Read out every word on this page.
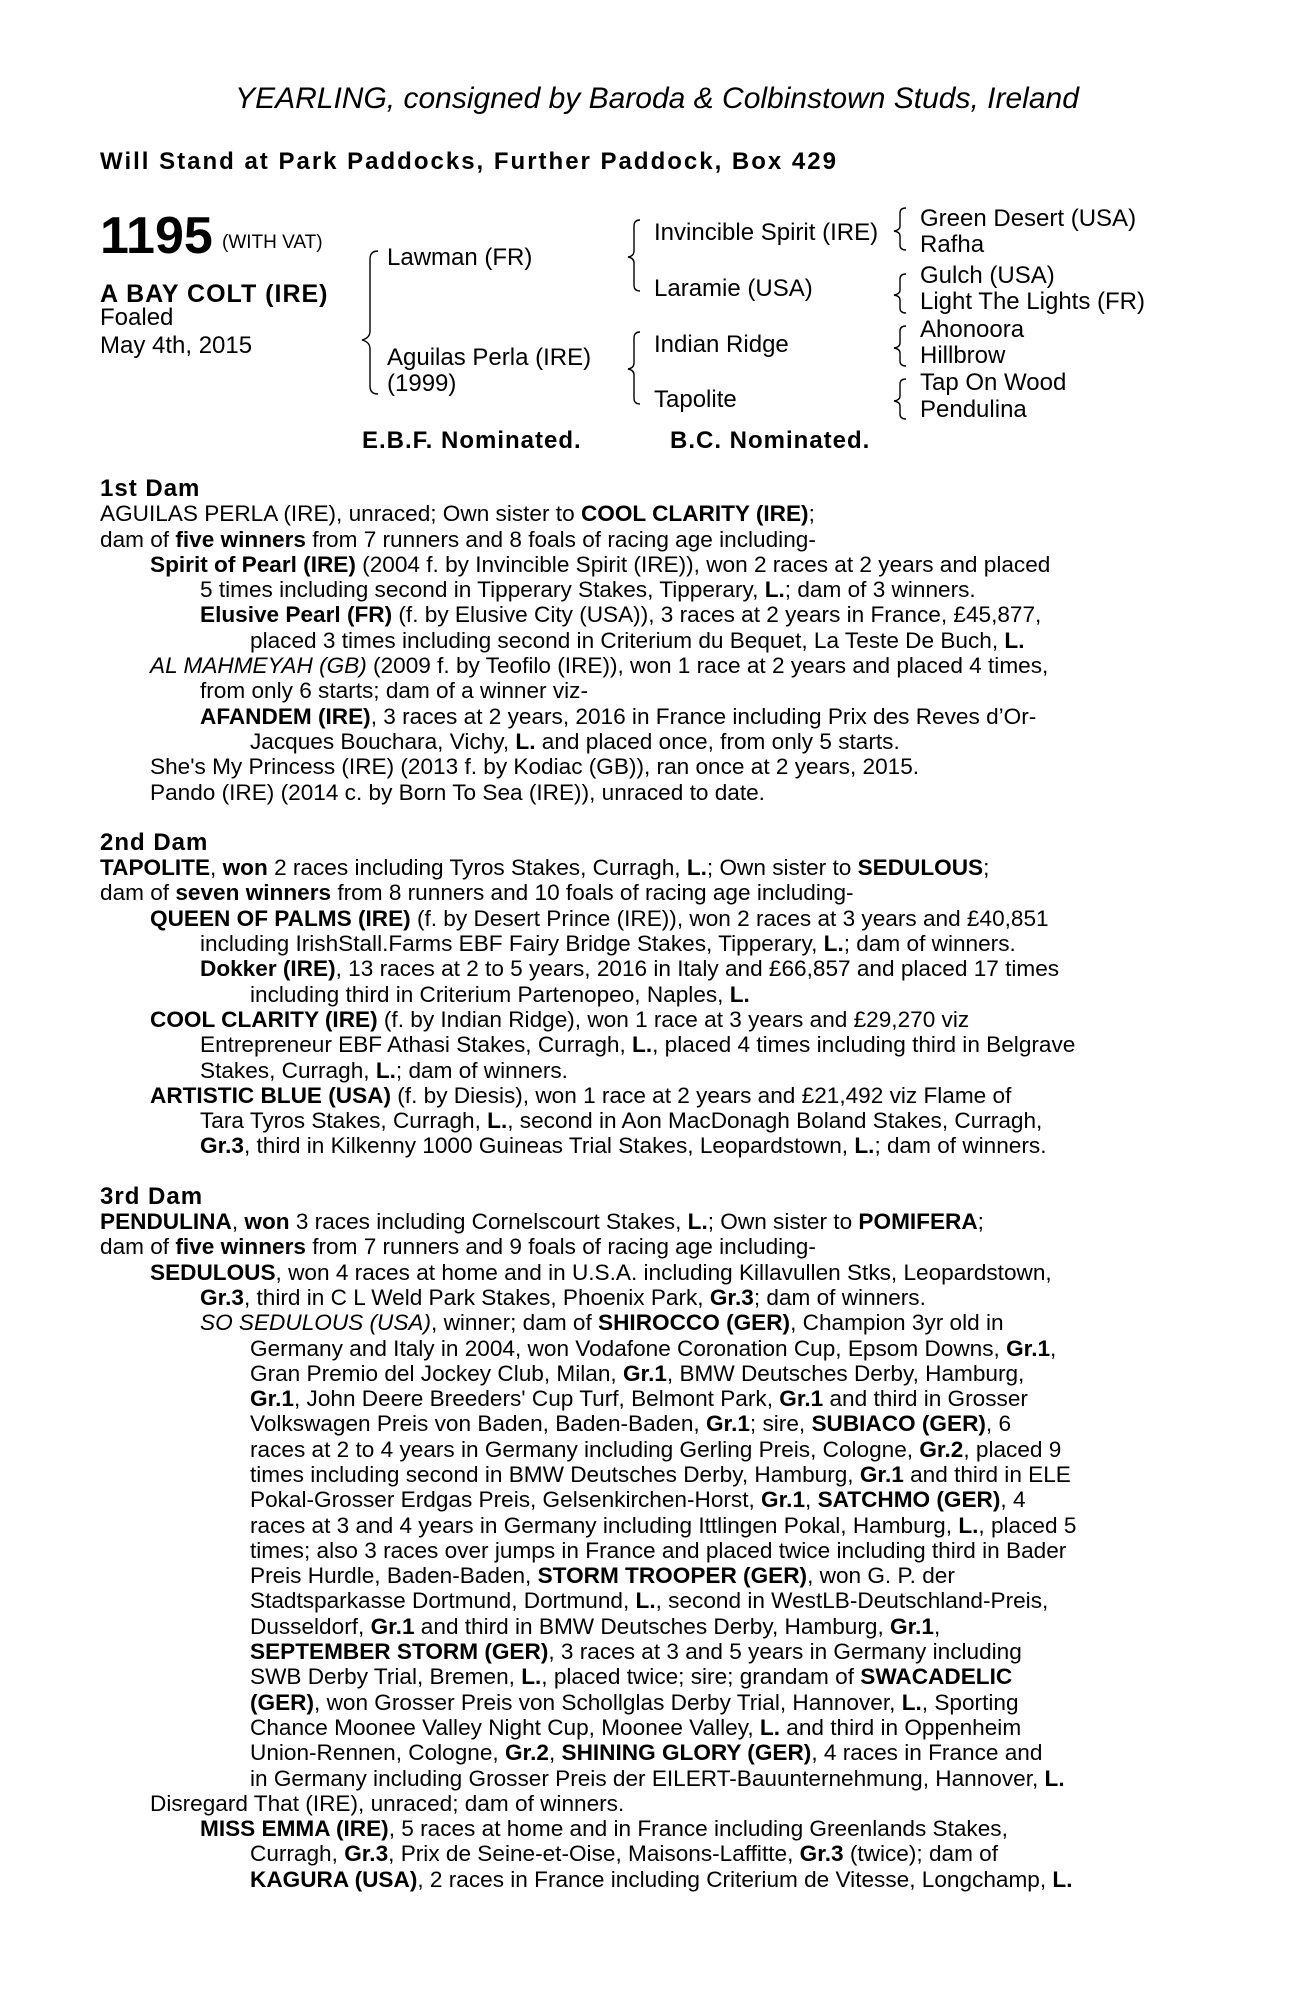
YEARLING, consigned by Baroda & Colbinstown Studs, Ireland
Will Stand at Park Paddocks, Further Paddock, Box 429
1195 (WITH VAT)
A BAY COLT (IRE)
Foaled
May 4th, 2015
Lawman (FR)
Aguilas Perla (IRE)
(1999)
Invincible Spirit (IRE)
Laramie (USA)
Indian Ridge
Tapolite
Green Desert (USA)
Rafha
Gulch (USA)
Light The Lights (FR)
Ahonoora
Hillbrow
Tap On Wood
Pendulina
E.B.F. Nominated.	B.C. Nominated.
1st Dam
AGUILAS PERLA (IRE), unraced; Own sister to COOL CLARITY (IRE);
dam of five winners from 7 runners and 8 foals of racing age including-
Spirit of Pearl (IRE) (2004 f. by Invincible Spirit (IRE)), won 2 races at 2 years and placed
5 times including second in Tipperary Stakes, Tipperary, L.; dam of 3 winners.
Elusive Pearl (FR) (f. by Elusive City (USA)), 3 races at 2 years in France, £45,877,
placed 3 times including second in Criterium du Bequet, La Teste De Buch, L.
AL MAHMEYAH (GB) (2009 f. by Teofilo (IRE)), won 1 race at 2 years and placed 4 times,
from only 6 starts; dam of a winner viz-
AFANDEM (IRE), 3 races at 2 years, 2016 in France including Prix des Reves d’Or-
Jacques Bouchara, Vichy, L. and placed once, from only 5 starts.
She's My Princess (IRE) (2013 f. by Kodiac (GB)), ran once at 2 years, 2015.
Pando (IRE) (2014 c. by Born To Sea (IRE)), unraced to date.
2nd Dam
TAPOLITE, won 2 races including Tyros Stakes, Curragh, L.; Own sister to SEDULOUS;
dam of seven winners from 8 runners and 10 foals of racing age including-
QUEEN OF PALMS (IRE) (f. by Desert Prince (IRE)), won 2 races at 3 years and £40,851
including IrishStall.Farms EBF Fairy Bridge Stakes, Tipperary, L.; dam of winners.
Dokker (IRE), 13 races at 2 to 5 years, 2016 in Italy and £66,857 and placed 17 times
including third in Criterium Partenopeo, Naples, L.
COOL CLARITY (IRE) (f. by Indian Ridge), won 1 race at 3 years and £29,270 viz
Entrepreneur EBF Athasi Stakes, Curragh, L., placed 4 times including third in Belgrave
Stakes, Curragh, L.; dam of winners.
ARTISTIC BLUE (USA) (f. by Diesis), won 1 race at 2 years and £21,492 viz Flame of
Tara Tyros Stakes, Curragh, L., second in Aon MacDonagh Boland Stakes, Curragh,
Gr.3, third in Kilkenny 1000 Guineas Trial Stakes, Leopardstown, L.; dam of winners.
3rd Dam
PENDULINA, won 3 races including Cornelscourt Stakes, L.; Own sister to POMIFERA;
dam of five winners from 7 runners and 9 foals of racing age including-
SEDULOUS, won 4 races at home and in U.S.A. including Killavullen Stks, Leopardstown,
Gr.3, third in C L Weld Park Stakes, Phoenix Park, Gr.3; dam of winners.
SO SEDULOUS (USA), winner; dam of SHIROCCO (GER), Champion 3yr old in
Germany and Italy in 2004, won Vodafone Coronation Cup, Epsom Downs, Gr.1,
Gran Premio del Jockey Club, Milan, Gr.1, BMW Deutsches Derby, Hamburg,
Gr.1, John Deere Breeders' Cup Turf, Belmont Park, Gr.1 and third in Grosser
Volkswagen Preis von Baden, Baden-Baden, Gr.1; sire, SUBIACO (GER), 6
races at 2 to 4 years in Germany including Gerling Preis, Cologne, Gr.2, placed 9
times including second in BMW Deutsches Derby, Hamburg, Gr.1 and third in ELE
Pokal-Grosser Erdgas Preis, Gelsenkirchen-Horst, Gr.1, SATCHMO (GER), 4
races at 3 and 4 years in Germany including Ittlingen Pokal, Hamburg, L., placed 5
times; also 3 races over jumps in France and placed twice including third in Bader
Preis Hurdle, Baden-Baden, STORM TROOPER (GER), won G. P. der
Stadtsparkasse Dortmund, Dortmund, L., second in WestLB-Deutschland-Preis,
Dusseldorf, Gr.1 and third in BMW Deutsches Derby, Hamburg, Gr.1,
SEPTEMBER STORM (GER), 3 races at 3 and 5 years in Germany including
SWB Derby Trial, Bremen, L., placed twice; sire; grandam of SWACADELIC
(GER), won Grosser Preis von Schollglas Derby Trial, Hannover, L., Sporting
Chance Moonee Valley Night Cup, Moonee Valley, L. and third in Oppenheim
Union-Rennen, Cologne, Gr.2, SHINING GLORY (GER), 4 races in France and
in Germany including Grosser Preis der EILERT-Bauunternehmung, Hannover, L.
Disregard That (IRE), unraced; dam of winners.
MISS EMMA (IRE), 5 races at home and in France including Greenlands Stakes,
Curragh, Gr.3, Prix de Seine-et-Oise, Maisons-Laffitte, Gr.3 (twice); dam of
KAGURA (USA), 2 races in France including Criterium de Vitesse, Longchamp, L.
